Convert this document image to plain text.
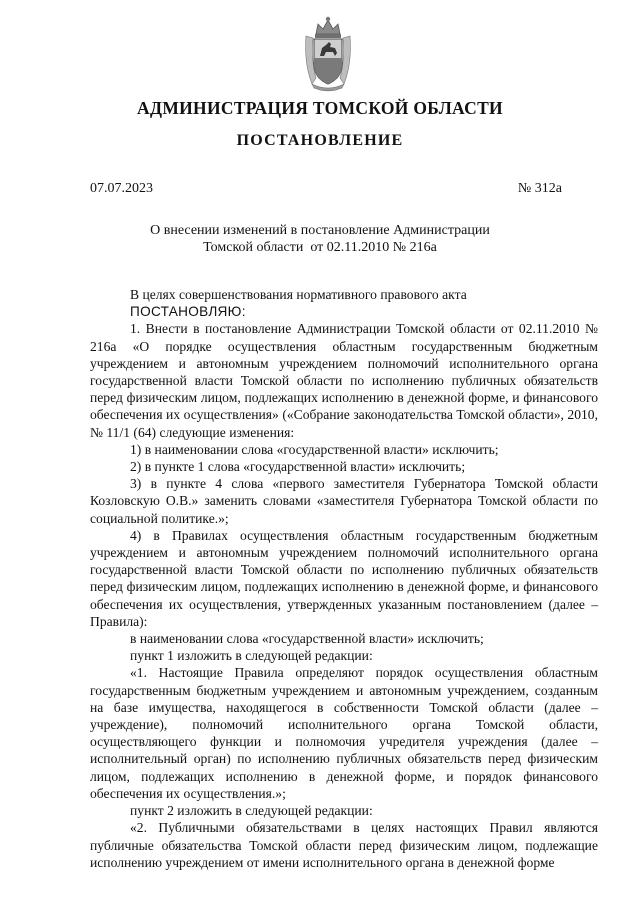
АДМИНИСТРАЦИЯ ТОМСКОЙ ОБЛАСТИ
ПОСТАНОВЛЕНИЕ
07.07.2023	№ 312а
О внесении изменений в постановление Администрации
Томской области  от 02.11.2010 № 216а

В целях совершенствования нормативного правового акта

ПОСТАНОВЛЯЮ:

1. Внести в постановление Администрации Томской области от 02.11.2010 № 216а «О порядке осуществления областным государственным бюджетным учреждением и автономным учреждением полномочий исполнительного органа государственной власти Томской области по исполнению публичных обязательств перед физическим лицом, подлежащих исполнению в денежной форме, и финансового обеспечения их осуществления» («Собрание законодательства Томской области», 2010, № 11/1 (64) следующие изменения:

1) в наименовании слова «государственной власти» исключить;

2) в пункте 1 слова «государственной власти» исключить;

3) в пункте 4 слова «первого заместителя Губернатора Томской области Козловскую О.В.» заменить словами «заместителя Губернатора Томской области по социальной политике.»;

4) в Правилах осуществления областным государственным бюджетным учреждением и автономным учреждением полномочий исполнительного органа государственной власти Томской области по исполнению публичных обязательств перед физическим лицом, подлежащих исполнению в денежной форме, и финансового обеспечения их осуществления, утвержденных указанным постановлением (далее – Правила):

в наименовании слова «государственной власти» исключить;

пункт 1 изложить в следующей редакции:

«1. Настоящие Правила определяют порядок осуществления областным государственным бюджетным учреждением и автономным учреждением, созданным на базе имущества, находящегося в собственности Томской области (далее – учреждение), полномочий исполнительного органа Томской области, осуществляющего функции и полномочия учредителя учреждения (далее – исполнительный орган) по исполнению публичных обязательств перед физическим лицом, подлежащих исполнению в денежной форме, и порядок финансового обеспечения их осуществления.»;

пункт 2 изложить в следующей редакции:

«2. Публичными обязательствами в целях настоящих Правил являются публичные обязательства Томской области перед физическим лицом, подлежащие исполнению учреждением от имени исполнительного органа в денежной форме
